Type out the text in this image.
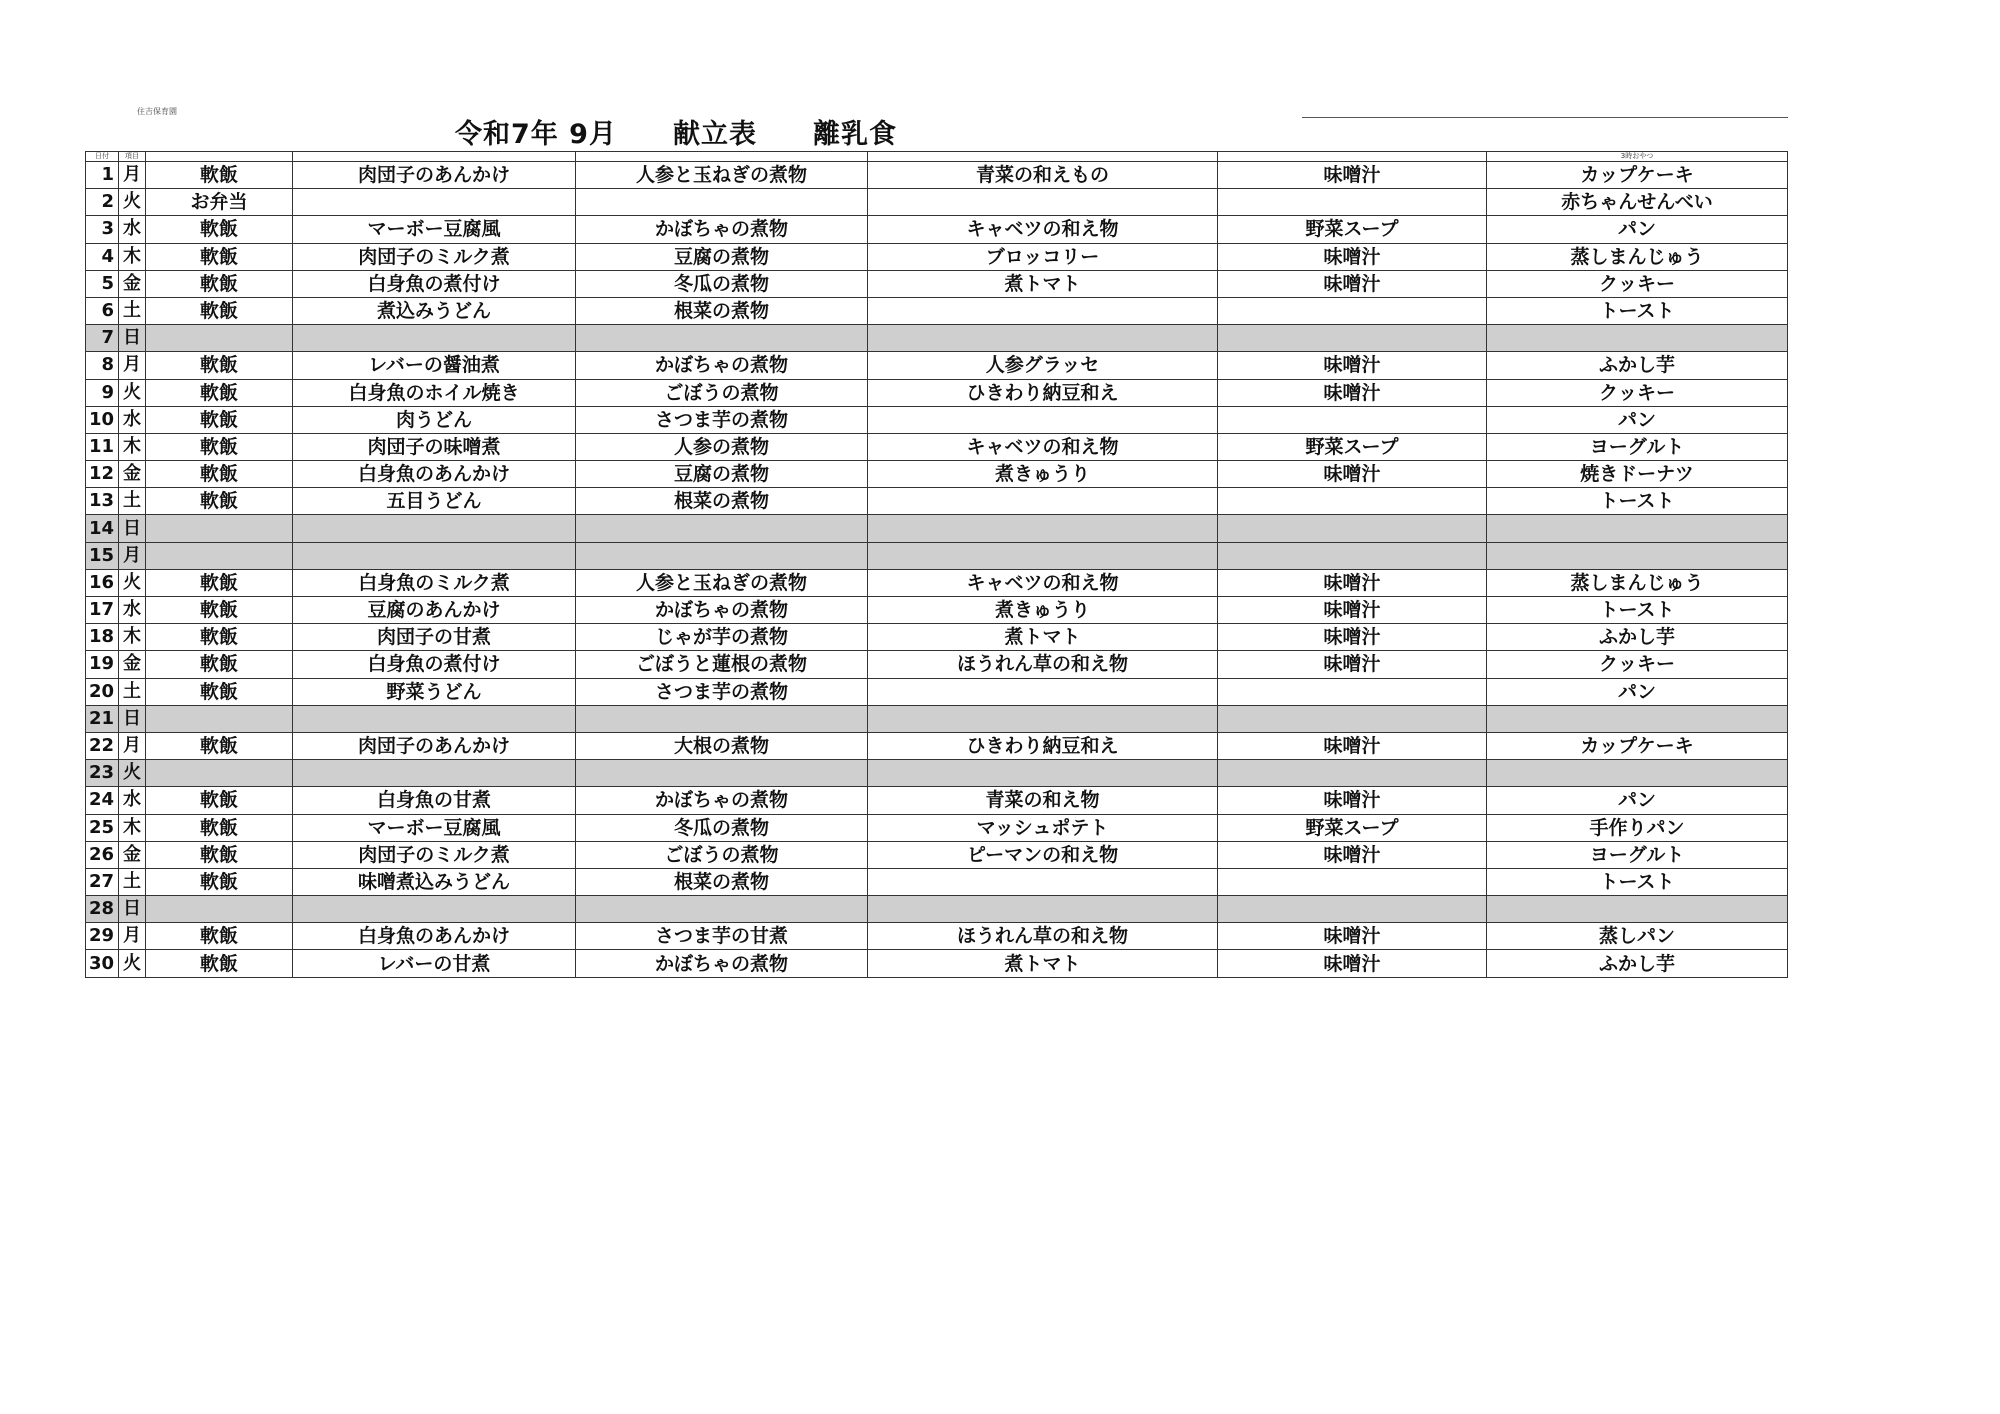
住吉保育園
令和7年 9月　　献立表　　離乳食
日付	項目						3時おやつ
1	月	軟飯	肉団子のあんかけ	人参と玉ねぎの煮物	青菜の和えもの	味噌汁	カップケーキ
2	火	お弁当					赤ちゃんせんべい
3	水	軟飯	マーボー豆腐風	かぼちゃの煮物	キャベツの和え物	野菜スープ	パン
4	木	軟飯	肉団子のミルク煮	豆腐の煮物	ブロッコリー	味噌汁	蒸しまんじゅう
5	金	軟飯	白身魚の煮付け	冬瓜の煮物	煮トマト	味噌汁	クッキー
6	土	軟飯	煮込みうどん	根菜の煮物			トースト
7	日						
8	月	軟飯	レバーの醤油煮	かぼちゃの煮物	人参グラッセ	味噌汁	ふかし芋
9	火	軟飯	白身魚のホイル焼き	ごぼうの煮物	ひきわり納豆和え	味噌汁	クッキー
10	水	軟飯	肉うどん	さつま芋の煮物			パン
11	木	軟飯	肉団子の味噌煮	人参の煮物	キャベツの和え物	野菜スープ	ヨーグルト
12	金	軟飯	白身魚のあんかけ	豆腐の煮物	煮きゅうり	味噌汁	焼きドーナツ
13	土	軟飯	五目うどん	根菜の煮物			トースト
14	日						
15	月						
16	火	軟飯	白身魚のミルク煮	人参と玉ねぎの煮物	キャベツの和え物	味噌汁	蒸しまんじゅう
17	水	軟飯	豆腐のあんかけ	かぼちゃの煮物	煮きゅうり	味噌汁	トースト
18	木	軟飯	肉団子の甘煮	じゃが芋の煮物	煮トマト	味噌汁	ふかし芋
19	金	軟飯	白身魚の煮付け	ごぼうと蓮根の煮物	ほうれん草の和え物	味噌汁	クッキー
20	土	軟飯	野菜うどん	さつま芋の煮物			パン
21	日						
22	月	軟飯	肉団子のあんかけ	大根の煮物	ひきわり納豆和え	味噌汁	カップケーキ
23	火						
24	水	軟飯	白身魚の甘煮	かぼちゃの煮物	青菜の和え物	味噌汁	パン
25	木	軟飯	マーボー豆腐風	冬瓜の煮物	マッシュポテト	野菜スープ	手作りパン
26	金	軟飯	肉団子のミルク煮	ごぼうの煮物	ピーマンの和え物	味噌汁	ヨーグルト
27	土	軟飯	味噌煮込みうどん	根菜の煮物			トースト
28	日						
29	月	軟飯	白身魚のあんかけ	さつま芋の甘煮	ほうれん草の和え物	味噌汁	蒸しパン
30	火	軟飯	レバーの甘煮	かぼちゃの煮物	煮トマト	味噌汁	ふかし芋
